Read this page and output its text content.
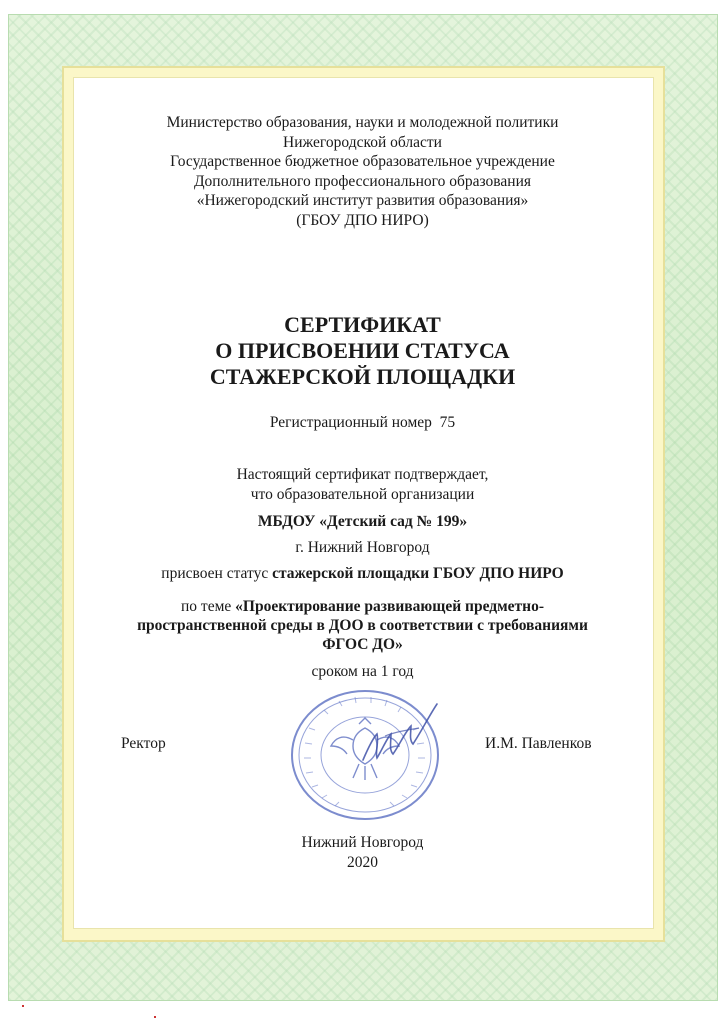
Министерство образования, науки и молодежной политики
Нижегородской области
Государственное бюджетное образовательное учреждение
Дополнительного профессионального образования
«Нижегородский институт развития образования»
(ГБОУ ДПО НИРО)
СЕРТИФИКАТ
О ПРИСВОЕНИИ СТАТУСА
СТАЖЕРСКОЙ ПЛОЩАДКИ
Регистрационный номер  75
Настоящий сертификат подтверждает,
что образовательной организации
МБДОУ «Детский сад № 199»
г. Нижний Новгород
присвоен статус стажерской площадки ГБОУ ДПО НИРО
по теме «Проектирование развивающей предметно-
пространственной среды в ДОО в соответствии с требованиями
ФГОС ДО»
сроком на 1 год
Ректор	И.М. Павленков
Нижний Новгород
2020
